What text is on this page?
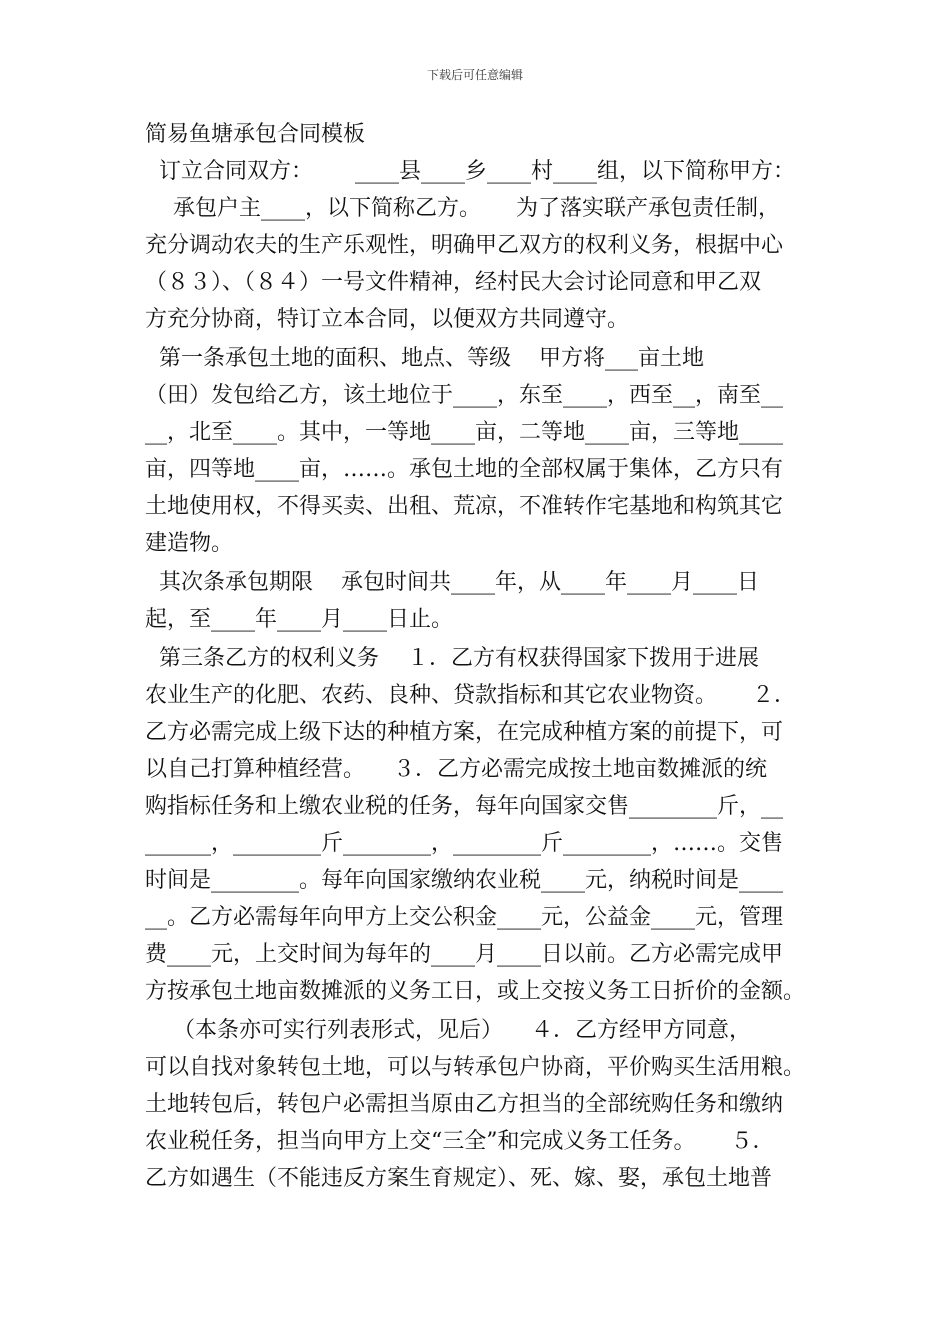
下载后可任意编辑
简易鱼塘承包合同模板
订立合同双方：      ____县____乡____村____组，以下简称甲方：
承包户主____，以下简称乙方。     为了落实联产承包责任制，
充分调动农夫的生产乐观性，明确甲乙双方的权利义务，根据中心
（８３）、（８４）一号文件精神，经村民大会讨论同意和甲乙双
方充分协商，特订立本合同，以便双方共同遵守。
第一条承包土地的面积、地点、等级    甲方将___亩土地
（田）发包给乙方，该土地位于____，东至____，西至__，南至__
__，北至____。其中，一等地____亩，二等地____亩，三等地____
亩，四等地____亩，……。承包土地的全部权属于集体，乙方只有
土地使用权，不得买卖、出租、荒凉，不准转作宅基地和构筑其它
建造物。
其次条承包期限    承包时间共____年，从____年____月____日
起，至____年____月____日止。
第三条乙方的权利义务    １．乙方有权获得国家下拨用于进展
农业生产的化肥、农药、良种、贷款指标和其它农业物资。     ２．
乙方必需完成上级下达的种植方案，在完成种植方案的前提下，可
以自己打算种植经营。    ３．乙方必需完成按土地亩数摊派的统
购指标任务和上缴农业税的任务，每年向国家交售________斤，__
______，________斤________，________斤________，……。交售
时间是________。每年向国家缴纳农业税____元，纳税时间是____
__。乙方必需每年向甲方上交公积金____元，公益金____元，管理
费____元，上交时间为每年的____月____日以前。乙方必需完成甲
方按承包土地亩数摊派的义务工日，或上交按义务工日折价的金额。
（本条亦可实行列表形式，见后）    ４．乙方经甲方同意，
可以自找对象转包土地，可以与转承包户协商，平价购买生活用粮。
土地转包后，转包户必需担当原由乙方担当的全部统购任务和缴纳
农业税任务，担当向甲方上交“三全”和完成义务工任务。     ５．
乙方如遇生（不能违反方案生育规定）、死、嫁、娶，承包土地普
